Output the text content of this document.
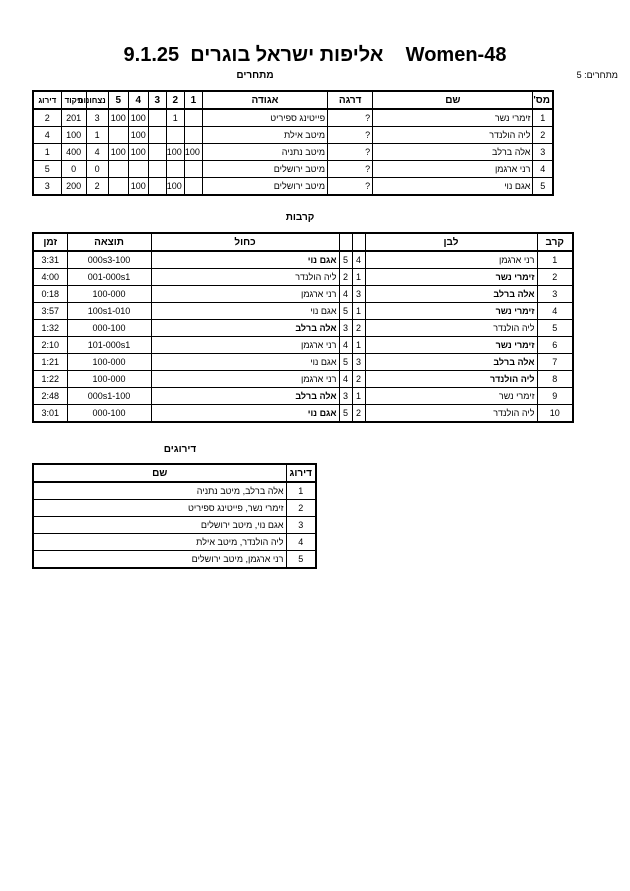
אליפות ישראל בוגרים  9.1.25    Women-48
מתחרים: 5
מתחרים
מס'	שם	דרגה	אגודה	1	2	3	4	5	נצחונות	ניקוד	דירוג
1	זימרי נשר	?	פייטינג ספיריט		1		100	100	3	201	2
2	ליה הולנדר	?	מיטב אילת				100		1	100	4
3	אלה ברלב	?	מיטב נתניה	100	100		100	100	4	400	1
4	רני ארגמן	?	מיטב ירושלים						0	0	5
5	אגם נוי	?	מיטב ירושלים		100		100		2	200	3
קרבות
קרב	לבן			כחול	תוצאה	זמן
1	רני ארגמן	4	5	אגם נוי	000s3-100	3:31
2	זימרי נשר	1	2	ליה הולנדר	001-000s1	4:00
3	אלה ברלב	3	4	רני ארגמן	100-000	0:18
4	זימרי נשר	1	5	אגם נוי	100s1-010	3:57
5	ליה הולנדר	2	3	אלה ברלב	000-100	1:32
6	זימרי נשר	1	4	רני ארגמן	101-000s1	2:10
7	אלה ברלב	3	5	אגם נוי	100-000	1:21
8	ליה הולנדר	2	4	רני ארגמן	100-000	1:22
9	זימרי נשר	1	3	אלה ברלב	000s1-100	2:48
10	ליה הולנדר	2	5	אגם נוי	000-100	3:01
דירוגים
דירוג	שם
1	אלה ברלב, מיטב נתניה
2	זימרי נשר, פייטינג ספיריט
3	אגם נוי, מיטב ירושלים
4	ליה הולנדר, מיטב אילת
5	רני ארגמן, מיטב ירושלים
